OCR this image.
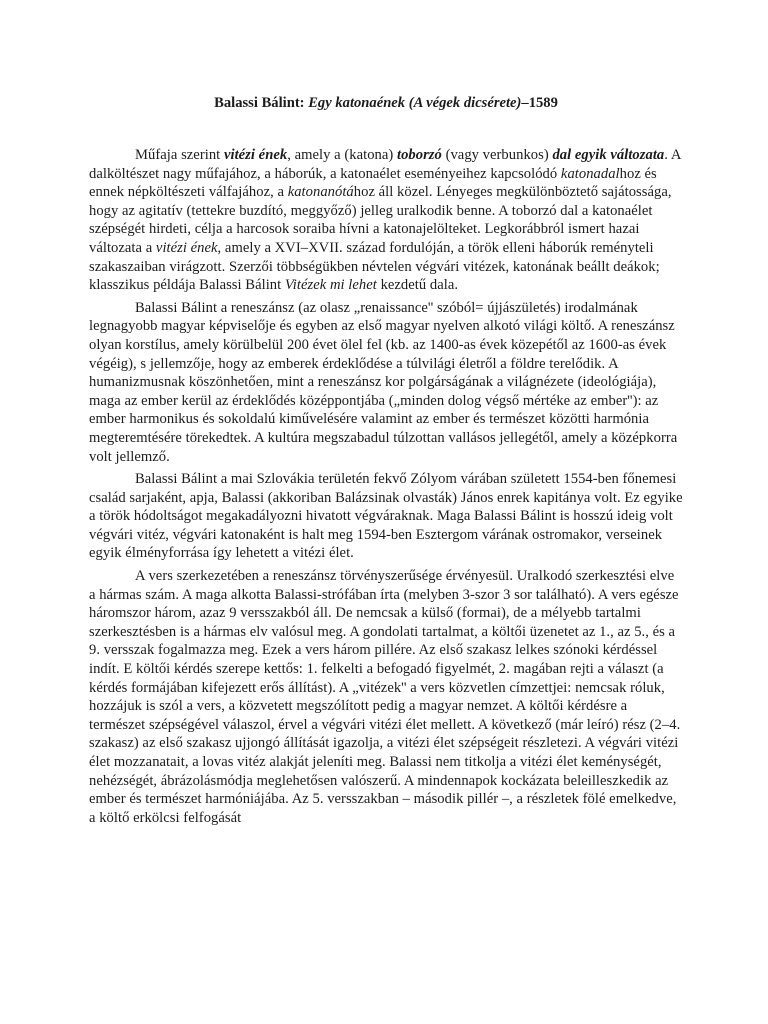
Balassi Bálint: Egy katonaének (A végek dicsérete)–1589

Műfaja szerint vitézi ének, amely a (katona) toborzó (vagy verbunkos) dal egyik változata. A dalköltészet nagy műfajához, a háborúk, a katonaélet eseményeihez kapcsolódó katonadalhoz és ennek népköltészeti válfajához, a katonanótához áll közel. Lényeges megkülönböztető sajátossága, hogy az agitatív (tettekre buzdító, meggyőző) jelleg uralkodik benne. A toborzó dal a katonaélet szépségét hirdeti, célja a harcosok soraiba hívni a katonajelölteket. Legkorábbról ismert hazai változata a vitézi ének, amely a XVI–XVII. század fordulóján, a török elleni háborúk reményteli szakaszaiban virágzott. Szerzői többségükben névtelen végvári vitézek, katonának beállt deákok; klasszikus példája Balassi Bálint Vitézek mi lehet kezdetű dala.

Balassi Bálint a reneszánsz (az olasz „renaissance'' szóból= újjászületés) irodalmának legnagyobb magyar képviselője és egyben az első magyar nyelven alkotó világi költő. A reneszánsz olyan korstílus, amely körülbelül 200 évet ölel fel (kb. az 1400-as évek közepétől az 1600-as évek végéig), s jellemzője, hogy az emberek érdeklődése a túlvilági életről a földre terelődik. A humanizmusnak köszönhetően, mint a reneszánsz kor polgárságának a világnézete (ideológiája), maga az ember kerül az érdeklődés középpontjába („minden dolog végső mértéke az ember''): az ember harmonikus és sokoldalú kiművelésére valamint az ember és természet közötti harmónia megteremtésére törekedtek. A kultúra megszabadul túlzottan vallásos jellegétől, amely a középkorra volt jellemző.

Balassi Bálint a mai Szlovákia területén fekvő Zólyom várában született 1554-ben főnemesi család sarjaként, apja, Balassi (akkoriban Balázsinak olvasták) János enrek kapitánya volt. Ez egyike a török hódoltságot megakadályozni hivatott végváraknak. Maga Balassi Bálint is hosszú ideig volt végvári vitéz, végvári katonaként is halt meg 1594-ben Esztergom várának ostromakor, verseinek egyik élményforrása így lehetett a vitézi élet.

A vers szerkezetében a reneszánsz törvényszerűsége érvényesül. Uralkodó szerkesztési elve a hármas szám. A maga alkotta Balassi-strófában írta (melyben 3-szor 3 sor található). A vers egésze háromszor három, azaz 9 versszakból áll. De nemcsak a külső (formai), de a mélyebb tartalmi szerkesztésben is a hármas elv valósul meg. A gondolati tartalmat, a költői üzenetet az 1., az 5., és a 9. versszak fogalmazza meg. Ezek a vers három pillére. Az első szakasz lelkes szónoki kérdéssel indít. E költői kérdés szerepe kettős: 1. felkelti a befogadó figyelmét, 2. magában rejti a választ (a kérdés formájában kifejezett erős állítást). A „vitézek'' a vers közvetlen címzettjei: nemcsak róluk, hozzájuk is szól a vers, a közvetett megszólított pedig a magyar nemzet. A költői kérdésre a természet szépségével válaszol, érvel a végvári vitézi élet mellett. A következő (már leíró) rész (2–4. szakasz) az első szakasz ujjongó állítását igazolja, a vitézi élet szépségeit részletezi. A végvári vitézi élet mozzanatait, a lovas vitéz alakját jeleníti meg. Balassi nem titkolja a vitézi élet keménységét, nehézségét, ábrázolásmódja meglehetősen valószerű. A mindennapok kockázata beleilleszkedik az ember és természet harmóniájába. Az 5. versszakban – második pillér –, a részletek fölé emelkedve, a költő erkölcsi felfogását
